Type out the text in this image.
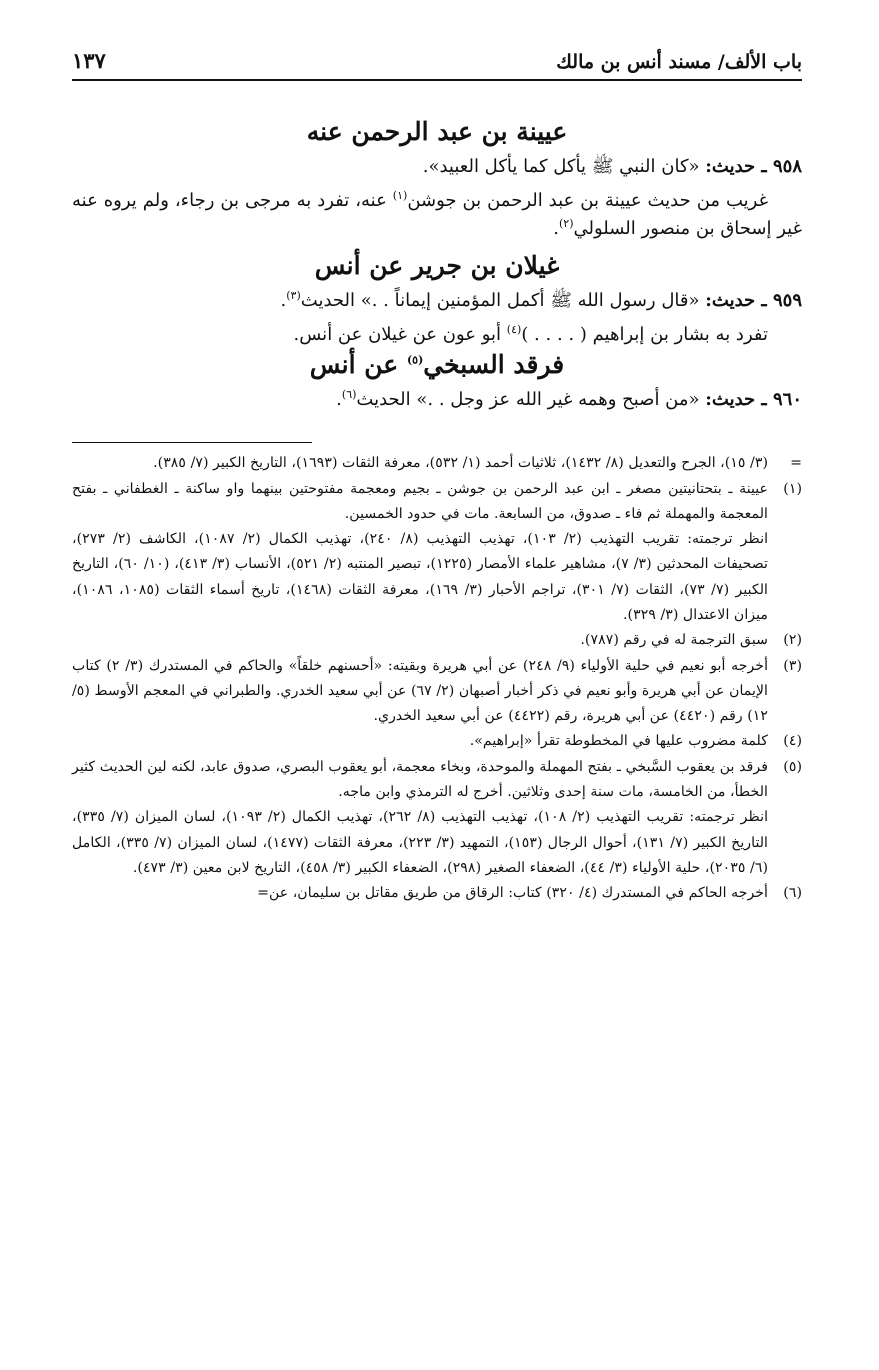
باب الألف/ مسند أنس بن مالك
١٣٧
عيينة بن عبد الرحمن عنه

٩٥٨ ـ حديث: «كان النبي ﷺ يأكل كما يأكل العبيد».

غريب من حديث عيينة بن عبد الرحمن بن جوشن$^{(١)}$ عنه، تفرد به مرجى بن رجاء، ولم يروه عنه غير إسحاق بن منصور السلولي$^{(٢)}$.

غيلان بن جرير عن أنس

٩٥٩ ـ حديث: «قال رسول الله ﷺ أكمل المؤمنين إيماناً . .» الحديث$^{(٣)}$.

تفرد به بشار بن إبراهيم ( . . . . )$^{(٤)}$ أبو عون عن غيلان عن أنس.

فرقد السبخي$^{(٥)}$ عن أنس

٩٦٠ ـ حديث: «من أصبح وهمه غير الله عز وجل . .» الحديث$^{(٦)}$.

=
(٣/ ١٥)، الجرح والتعديل (٨/ ١٤٣٢)، ثلاثيات أحمد (١/ ٥٣٢)، معرفة الثقات (١٦٩٣)، التاريخ الكبير (٧/ ٣٨٥).
(١)
عيينة ـ بتحتانيتين مصغر ـ ابن عبد الرحمن بن جوشن ـ بجيم ومعجمة مفتوحتين بينهما واو ساكنة ـ الغطفاني ـ بفتح المعجمة والمهملة ثم فاء ـ صدوق، من السابعة. مات في حدود الخمسين.

انظر ترجمته: تقريب التهذيب (٢/ ١٠٣)، تهذيب التهذيب (٨/ ٢٤٠)، تهذيب الكمال (٢/ ١٠٨٧)، الكاشف (٢/ ٢٧٣)، تصحيفات المحدثين (٣/ ٧)، مشاهير علماء الأمصار (١٢٢٥)، تبصير المنتبه (٢/ ٥٢١)، الأنساب (٣/ ٤١٣)، (١٠/ ٦٠)، التاريخ الكبير (٧/ ٧٣)، الثقات (٧/ ٣٠١)، تراجم الأحبار (٣/ ١٦٩)، معرفة الثقات (١٤٦٨)، تاريخ أسماء الثقات (١٠٨٥، ١٠٨٦)، ميزان الاعتدال (٣/ ٣٢٩).

(٢)
سبق الترجمة له في رقم (٧٨٧).
(٣)
أخرجه أبو نعيم في حلية الأولياء (٩/ ٢٤٨) عن أبي هريرة وبقيته: «أحسنهم خلقاً» والحاكم في المستدرك (٣/ ٢) كتاب الإيمان عن أبي هريرة وأبو نعيم في ذكر أخبار أصبهان (٢/ ٦٧) عن أبي سعيد الخدري. والطبراني في المعجم الأوسط (٥/ ١٢) رقم (٤٤٢٠) عن أبي هريرة، رقم (٤٤٢٢) عن أبي سعيد الخدري.
(٤)
كلمة مضروب عليها في المخطوطة تقرأ «إبراهيم».
(٥)
فرقد بن يعقوب السَّبخي ـ بفتح المهملة والموحدة، وبخاء معجمة، أبو يعقوب البصري، صدوق عابد، لكنه لين الحديث كثير الخطأ، من الخامسة، مات سنة إحدى وثلاثين. أخرج له الترمذي وابن ماجه.

انظر ترجمته: تقريب التهذيب (٢/ ١٠٨)، تهذيب التهذيب (٨/ ٢٦٢)، تهذيب الكمال (٢/ ١٠٩٣)، لسان الميزان (٧/ ٣٣٥)، التاريخ الكبير (٧/ ١٣١)، أحوال الرجال (١٥٣)، التمهيد (٣/ ٢٢٣)، معرفة الثقات (١٤٧٧)، لسان الميزان (٧/ ٣٣٥)، الكامل (٦/ ٢٠٣٥)، حلية الأولياء (٣/ ٤٤)، الضعفاء الصغير (٢٩٨)، الضعفاء الكبير (٣/ ٤٥٨)، التاريخ لابن معين (٣/ ٤٧٣).

(٦)
أخرجه الحاكم في المستدرك (٤/ ٣٢٠) كتاب: الرقاق من طريق مقاتل بن سليمان، عن=
